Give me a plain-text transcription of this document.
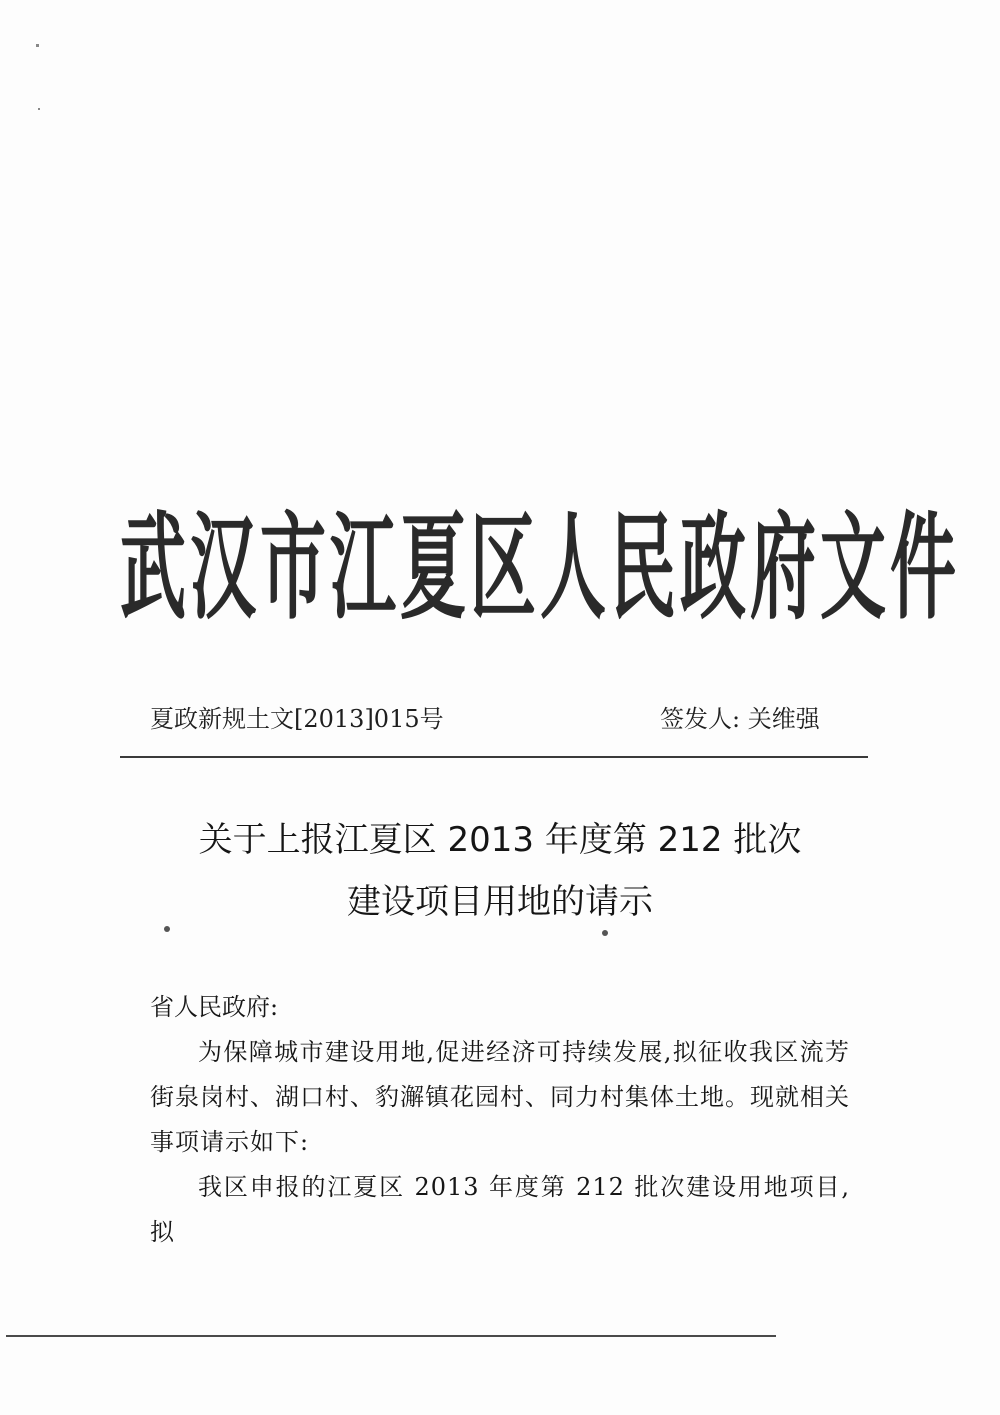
武汉市江夏区人民政府文件
夏政新规土文[2013]015号	签发人: 关维强
关于上报江夏区 2013 年度第 212 批次
建设项目用地的请示

省人民政府:

为保障城市建设用地,促进经济可持续发展,拟征收我区流芳街泉岗村、湖口村、豹澥镇花园村、同力村集体土地。现就相关事项请示如下:

我区申报的江夏区 2013 年度第 212 批次建设用地项目,拟
